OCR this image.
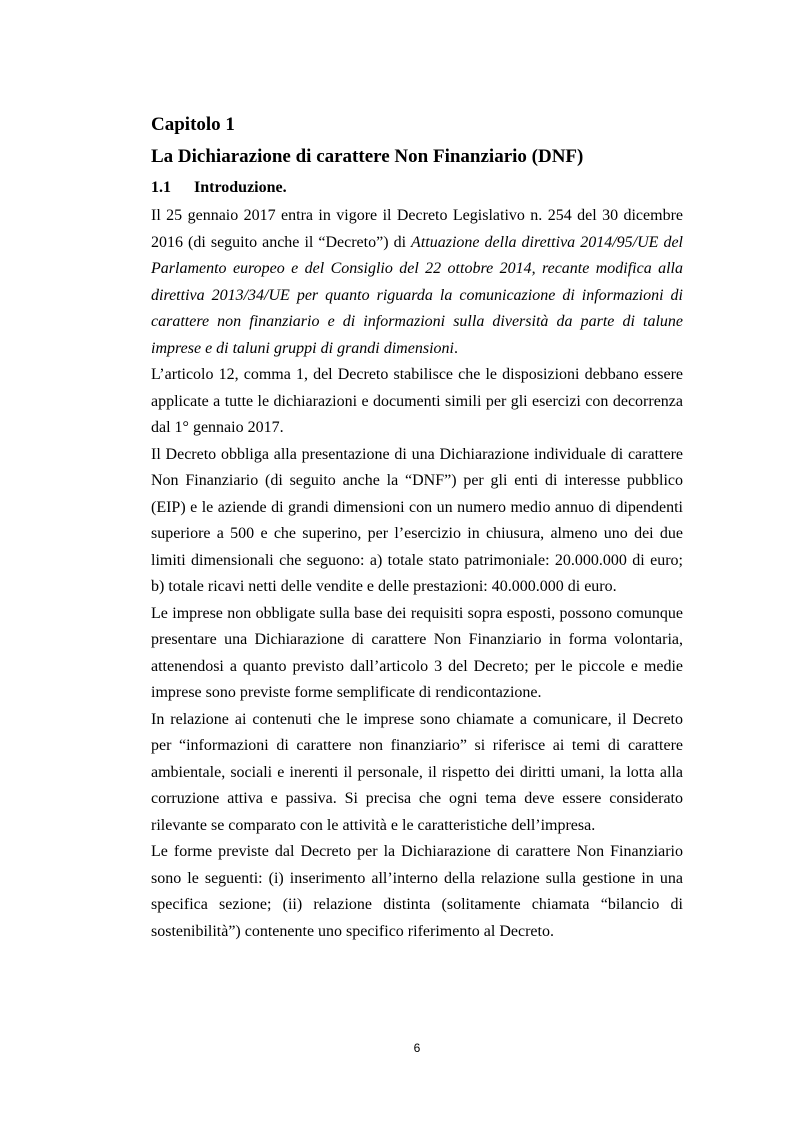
Capitolo 1
La Dichiarazione di carattere Non Finanziario (DNF)
1.1 Introduzione.

Il 25 gennaio 2017 entra in vigore il Decreto Legislativo n. 254 del 30 dicembre 2016 (di seguito anche il “Decreto”) di Attuazione della direttiva 2014/95/UE del Parlamento europeo e del Consiglio del 22 ottobre 2014, recante modifica alla direttiva 2013/34/UE per quanto riguarda la comunicazione di informazioni di carattere non finanziario e di informazioni sulla diversità da parte di talune imprese e di taluni gruppi di grandi dimensioni.

L’articolo 12, comma 1, del Decreto stabilisce che le disposizioni debbano essere applicate a tutte le dichiarazioni e documenti simili per gli esercizi con decorrenza dal 1° gennaio 2017.

Il Decreto obbliga alla presentazione di una Dichiarazione individuale di carattere Non Finanziario (di seguito anche la “DNF”) per gli enti di interesse pubblico (EIP) e le aziende di grandi dimensioni con un numero medio annuo di dipendenti superiore a 500 e che superino, per l’esercizio in chiusura, almeno uno dei due limiti dimensionali che seguono: a) totale stato patrimoniale: 20.000.000 di euro; b) totale ricavi netti delle vendite e delle prestazioni: 40.000.000 di euro.

Le imprese non obbligate sulla base dei requisiti sopra esposti, possono comunque presentare una Dichiarazione di carattere Non Finanziario in forma volontaria, attenendosi a quanto previsto dall’articolo 3 del Decreto; per le piccole e medie imprese sono previste forme semplificate di rendicontazione.

In relazione ai contenuti che le imprese sono chiamate a comunicare, il Decreto per “informazioni di carattere non finanziario” si riferisce ai temi di carattere ambientale, sociali e inerenti il personale, il rispetto dei diritti umani, la lotta alla corruzione attiva e passiva. Si precisa che ogni tema deve essere considerato rilevante se comparato con le attività e le caratteristiche dell’impresa.

Le forme previste dal Decreto per la Dichiarazione di carattere Non Finanziario sono le seguenti: (i) inserimento all’interno della relazione sulla gestione in una specifica sezione; (ii) relazione distinta (solitamente chiamata “bilancio di sostenibilità”) contenente uno specifico riferimento al Decreto.

6
